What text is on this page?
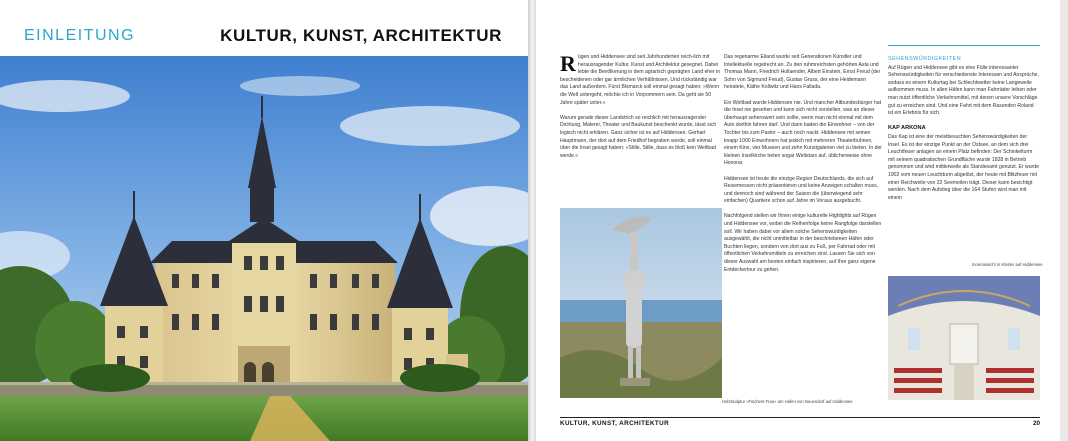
EINLEITUNG	KULTUR, KUNST, ARCHITEKTUR

Rügen und Hiddensee sind seit Jahrhunderten reich-lich mit herausragender Kultur, Kunst und Architektur gesegnet. Dabei lebte die Bevölkerung in dem agrarisch geprägten Land eher in bescheidenen oder gar ärmlichen Verhältnissen. Und rückständig war das Land außerdem. Fürst Bismarck soll einmal gesagt haben: »Wenn die Welt untergeht, möchte ich in Vorpommern sein. Da geht sie 50 Jahre später unter.«

Warum gerade dieser Landstrich so reichlich mit herausragender Dichtung, Malerei, Theater und Baukunst beschenkt wurde, lässt sich logisch nicht erklären. Ganz sicher ist es auf Hiddensee. Gerhart Hauptmann, der dort auf dem Friedhof begraben wurde, soll einmal über die Insel gesagt haben: »Stille, Stille, dass es bloß kein Weltbad werde.«

Holzskulptur »Fischers Frau« am Hafen von Neuendorf auf Hiddensee

Das regenarme Eiland wurde seit Generationen Künstler und Intellektuelle regelrecht an. Zu den ruhmreichsten gehörten Asta und Thomas Mann, Friedrich Hollaender, Albert Einstein, Ernst Freud (der Sohn von Sigmund Freud), Gustav Gruss, der eine Heidemann heiratete, Käthe Kollwitz und Hans Fallada.

Ein Weltbad wurde Hiddensee nie. Und mancher Altbundesbürger hat die Insel nie gesehen und kann sich nicht vorstellen, was an dieser überhaupt sehenswert sein sollte, wenn man nicht einmal mit dem Auto dorthin fahren darf. Und dann baden die Einwohner – von der Tochter bis zum Pastor – auch noch nackt. Hiddensee mit seinen knapp 1000 Einwohnern hat jedoch mit mehreren Theaterbühnen, einem Kino, vier Museen und zehn Kunstgalerien viel zu bieten. In der kleinen Inselkirche treten sogar Weltstars auf, üblicherweise ohne Honorar.

Hiddensee ist heute die einzige Region Deutschlands, die sich auf Reisemessen nicht präsentieren und keine Anzeigen schalten muss, und dennoch sind während der Saison die (überwiegend sehr einfachen) Quartiere schon auf Jahre im Voraus ausgebucht.

Nachfolgend stellen wir Ihnen einige kulturelle Highlights auf Rügen und Hiddensee vor, wobei die Reihenfolge keine Rangfolge darstellen soll. Wir haben dabei vor allem solche Sehenswürdigkeiten ausgewählt, die nicht unmittelbar in der beschriebenen Häfen oder Buchten liegen, sondern von dort aus zu Fuß, per Fahrrad oder mit öffentlichen Verkehrsmitteln zu erreichen sind. Lassen Sie sich von dieser Auswahl am besten einfach inspirieren, auf Ihre ganz eigene Entdeckertour zu gehen.

SEHENSWÜRDIGKEITEN

Auf Rügen und Hiddensee gibt es eine Fülle interessanter Sehenswürdigkeiten für verschiedenste Interessen und Ansprüche, sodass es einem Kulturtag bei Schlechtwetter keine Langeweile aufkommen muss. In allen Häfen kann man Fahrräder leihen oder man nutzt öffentliche Verkehrsmittel, mit denen unsere Vorschläge gut zu erreichen sind. Und eine Fahrt mit dem Rasenden Roland ist ein Erlebnis für sich.

KAP ARKONA

Das Kap ist eine der meistbesuchten Sehenswürdigkeiten der Insel. Es ist der einzige Punkt an der Ostsee, an dem sich drei Leuchtfeuer anlagen an einem Platz befinden: Der Schinkelturm mit seinem quadratischen Grundfläche wurde 1828 in Betrieb genommen und wird mittlerweile als Standesamt genutzt. Er wurde 1902 vom neuen Leuchtturm abgelöst, der heute mit Blitzfeuer mit einer Reichweite von 22 Seemeilen trägt. Dieser kann besichtigt werden. Nach dem Aufstieg über die 164 Stufen wird man mit einem

Innenansicht in Kloster auf Hiddensee
KULTUR, KUNST, ARCHITEKTUR	20
